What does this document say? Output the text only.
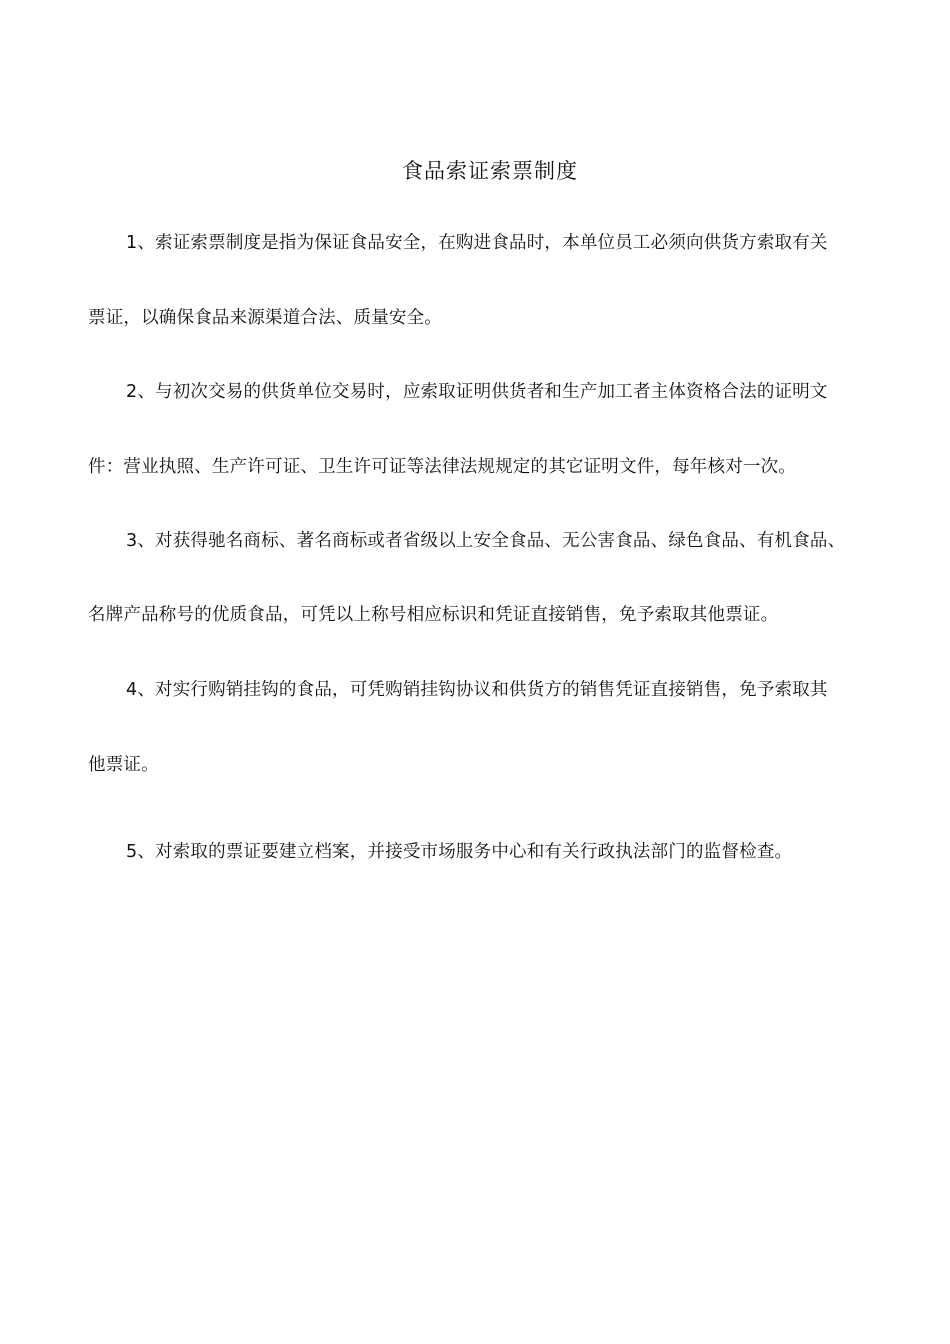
食品索证索票制度
1、索证索票制度是指为保证食品安全，在购进食品时，本单位员工必须向供货方索取有关
票证，以确保食品来源渠道合法、质量安全。
2、与初次交易的供货单位交易时，应索取证明供货者和生产加工者主体资格合法的证明文
件：营业执照、生产许可证、卫生许可证等法律法规规定的其它证明文件，每年核对一次。
3、对获得驰名商标、著名商标或者省级以上安全食品、无公害食品、绿色食品、有机食品、
名牌产品称号的优质食品，可凭以上称号相应标识和凭证直接销售，免予索取其他票证。
4、对实行购销挂钩的食品，可凭购销挂钩协议和供货方的销售凭证直接销售，免予索取其
他票证。
5、对索取的票证要建立档案，并接受市场服务中心和有关行政执法部门的监督检查。
